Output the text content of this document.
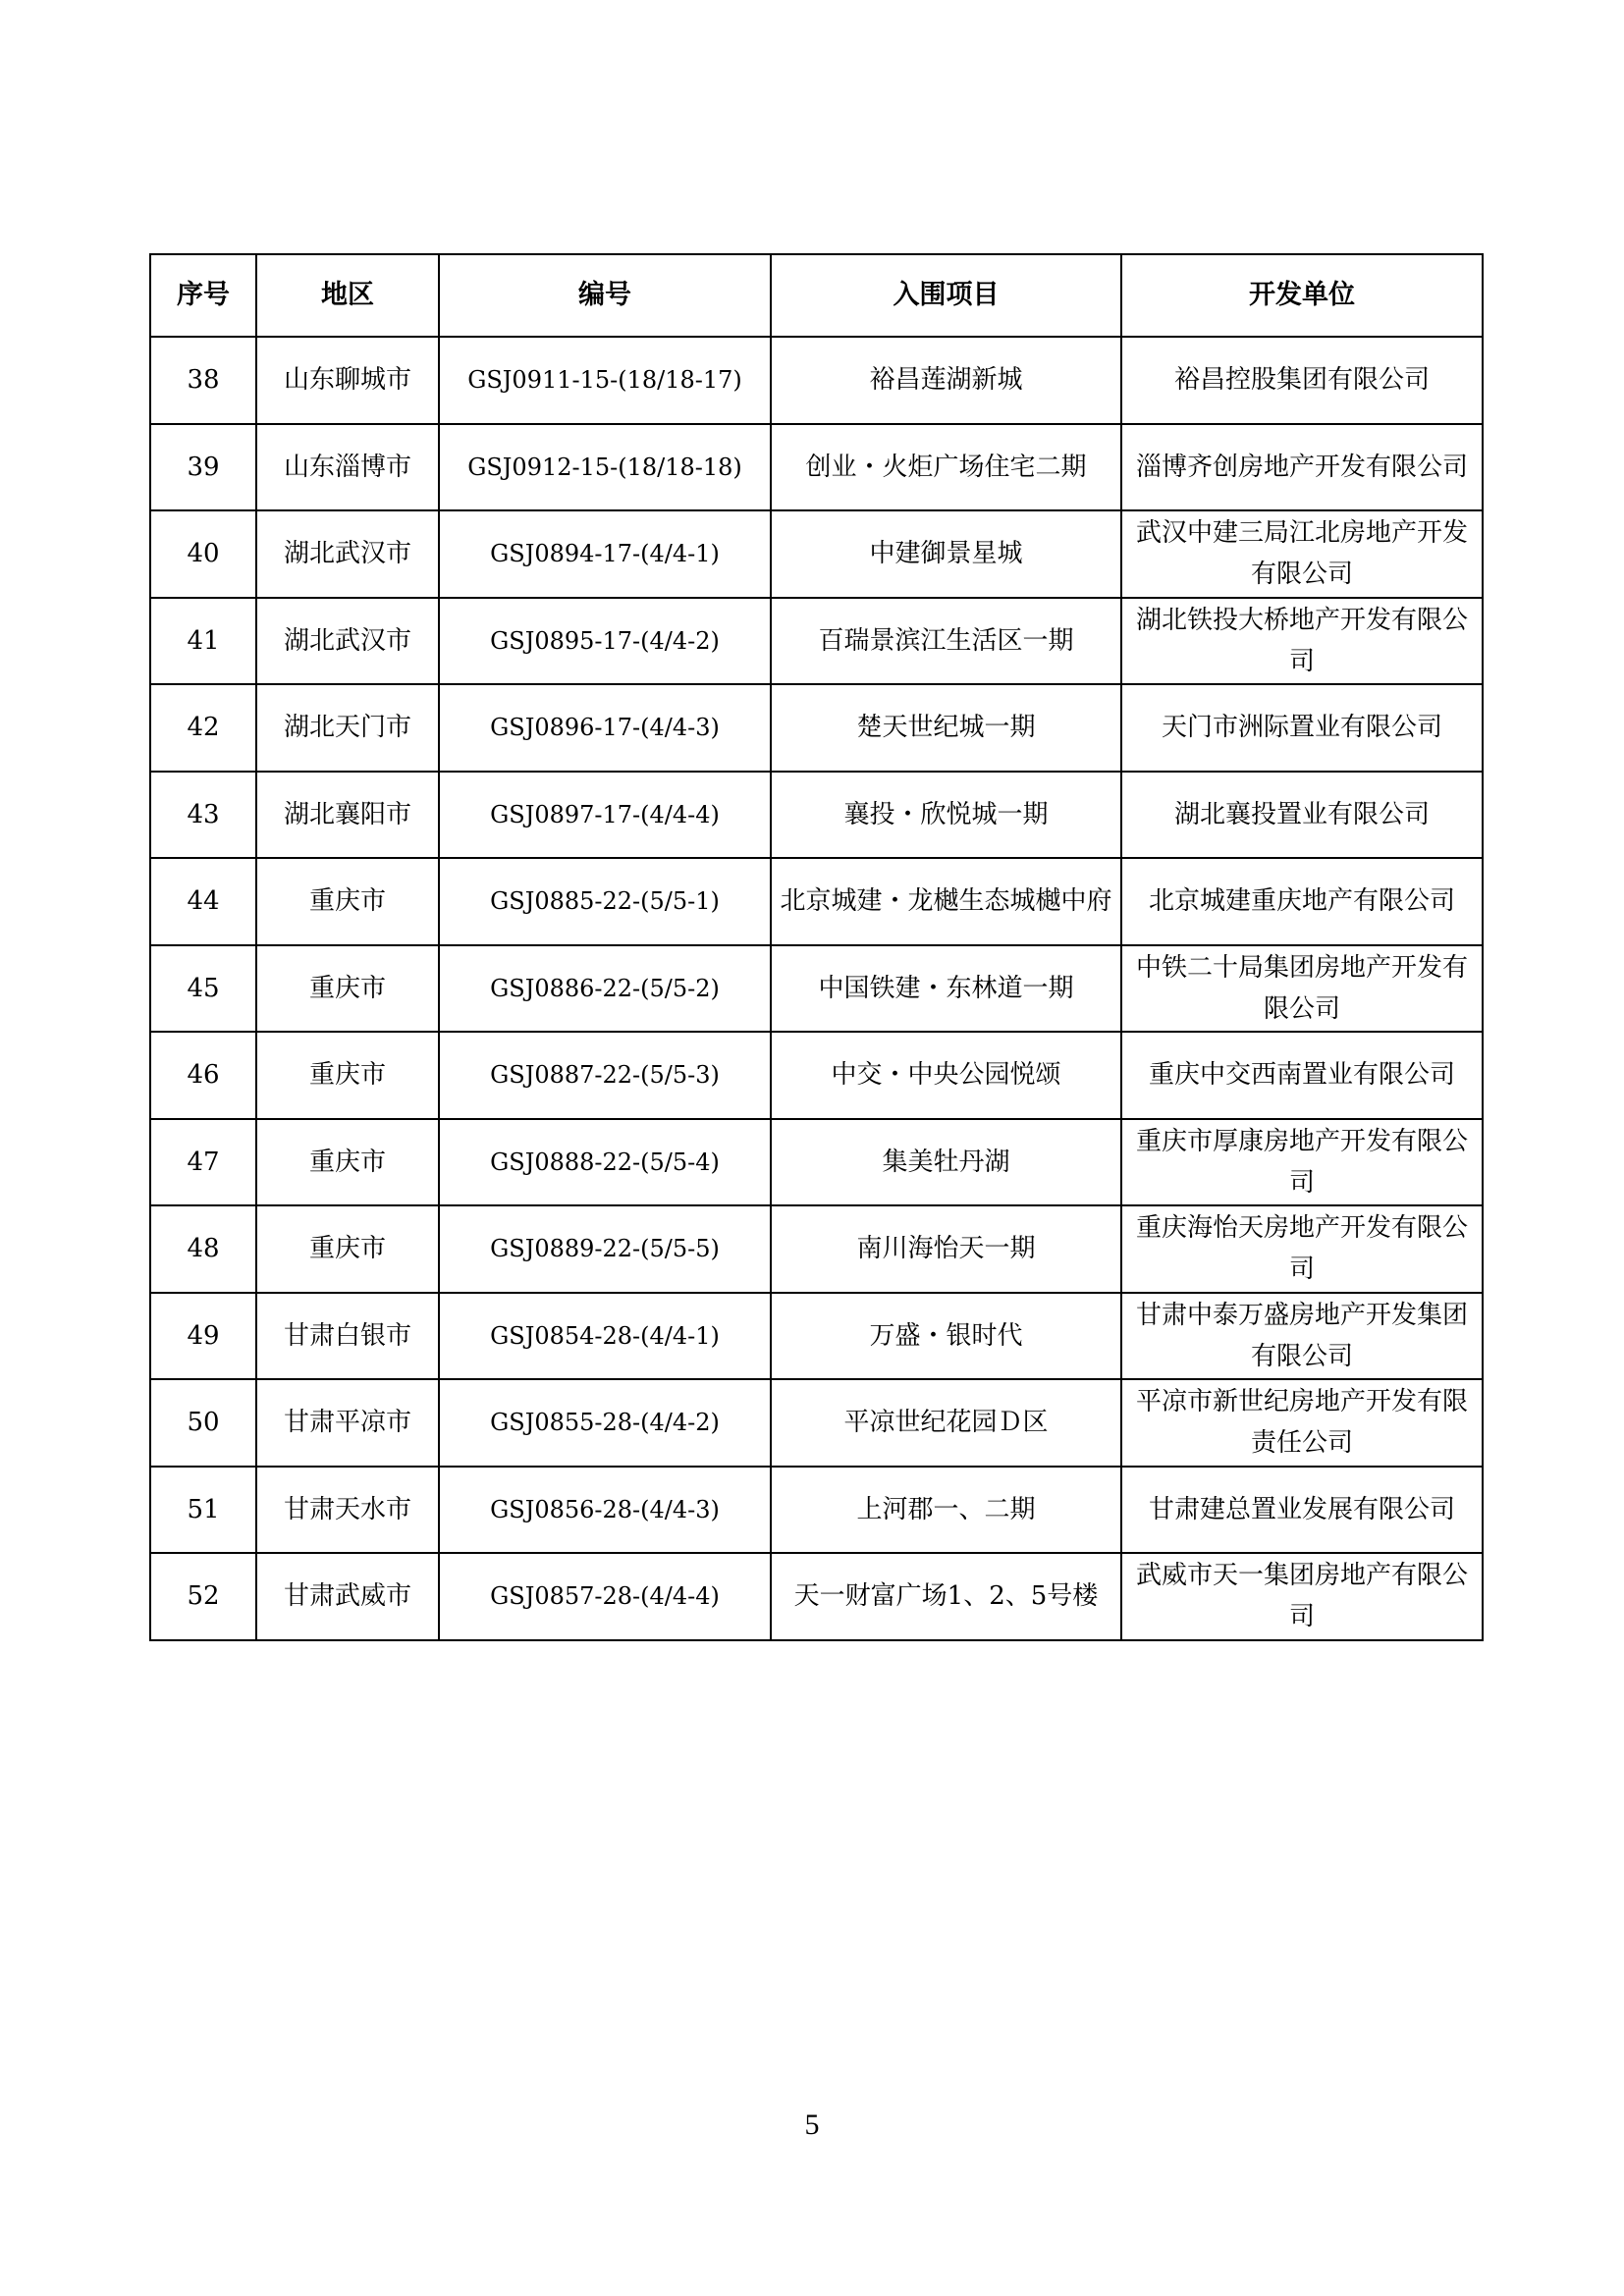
序号	地区	编号	入围项目	开发单位
38	山东聊城市	GSJ0911-15-(18/18-17)	裕昌莲湖新城	裕昌控股集团有限公司
39	山东淄博市	GSJ0912-15-(18/18-18)	创业・火炬广场住宅二期	淄博齐创房地产开发有限公司
40	湖北武汉市	GSJ0894-17-(4/4-1)	中建御景星城	武汉中建三局江北房地产开发有限公司
41	湖北武汉市	GSJ0895-17-(4/4-2)	百瑞景滨江生活区一期	湖北铁投大桥地产开发有限公司
42	湖北天门市	GSJ0896-17-(4/4-3)	楚天世纪城一期	天门市洲际置业有限公司
43	湖北襄阳市	GSJ0897-17-(4/4-4)	襄投・欣悦城一期	湖北襄投置业有限公司
44	重庆市	GSJ0885-22-(5/5-1)	北京城建・龙樾生态城樾中府	北京城建重庆地产有限公司
45	重庆市	GSJ0886-22-(5/5-2)	中国铁建・东林道一期	中铁二十局集团房地产开发有限公司
46	重庆市	GSJ0887-22-(5/5-3)	中交・中央公园悦颂	重庆中交西南置业有限公司
47	重庆市	GSJ0888-22-(5/5-4)	集美牡丹湖	重庆市厚康房地产开发有限公司
48	重庆市	GSJ0889-22-(5/5-5)	南川海怡天一期	重庆海怡天房地产开发有限公司
49	甘肃白银市	GSJ0854-28-(4/4-1)	万盛・银时代	甘肃中泰万盛房地产开发集团有限公司
50	甘肃平凉市	GSJ0855-28-(4/4-2)	平凉世纪花园Ｄ区	平凉市新世纪房地产开发有限责任公司
51	甘肃天水市	GSJ0856-28-(4/4-3)	上河郡一、二期	甘肃建总置业发展有限公司
52	甘肃武威市	GSJ0857-28-(4/4-4)	天一财富广场1、2、5号楼	武威市天一集团房地产有限公司
5
